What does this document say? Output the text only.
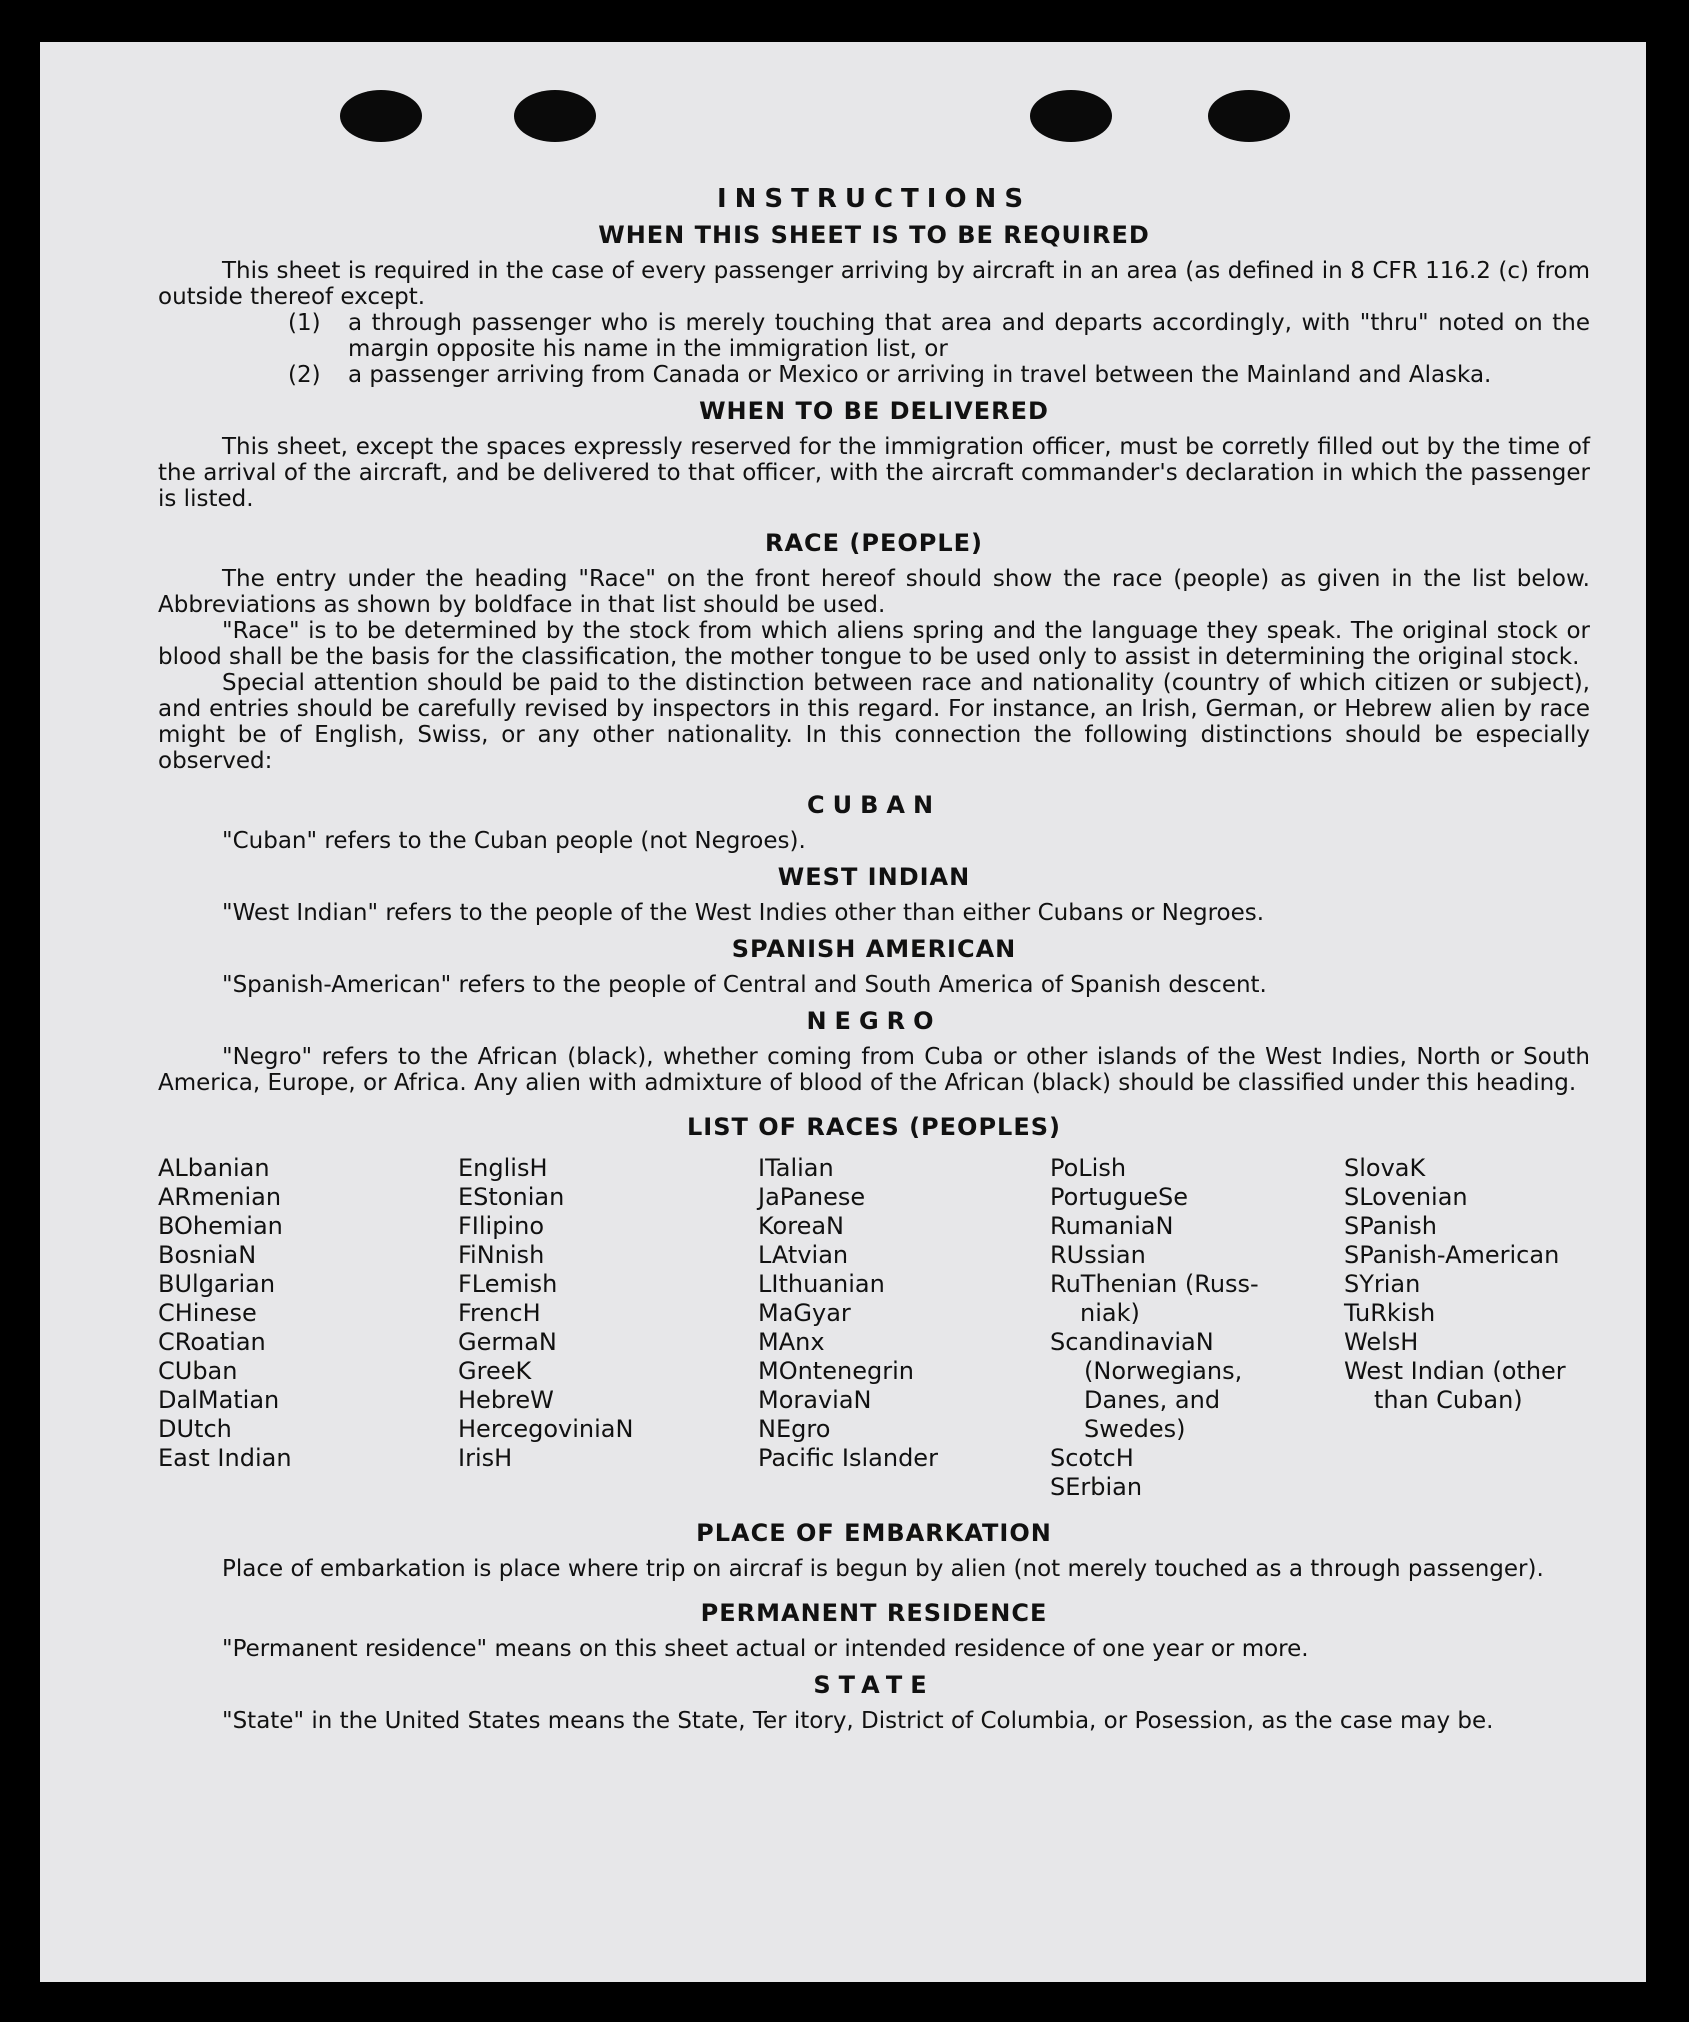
INSTRUCTIONS
WHEN THIS SHEET IS TO BE REQUIRED

This sheet is required in the case of every passenger arriving by aircraft in an area (as defined in 8 CFR 116.2 (c) from outside thereof except.

(1)	a through passenger who is merely touching that area and departs accordingly, with "thru" noted on the margin opposite his name in the immigration list, or
(2)	a passenger arriving from Canada or Mexico or arriving in travel between the Mainland and Alaska.
WHEN TO BE DELIVERED

This sheet, except the spaces expressly reserved for the immigration officer, must be corretly filled out by the time of the arrival of the aircraft, and be delivered to that officer, with the aircraft commander's declaration in which the passenger is listed.

RACE (PEOPLE)

The entry under the heading "Race" on the front hereof should show the race (people) as given in the list below. Abbreviations as shown by boldface in that list should be used.

"Race" is to be determined by the stock from which aliens spring and the language they speak. The original stock or blood shall be the basis for the classification, the mother tongue to be used only to assist in determining the original stock.

Special attention should be paid to the distinction between race and nationality (country of which citizen or subject), and entries should be carefully revised by inspectors in this regard. For instance, an Irish, German, or Hebrew alien by race might be of English, Swiss, or any other nationality. In this connection the following distinctions should be especially observed:

CUBAN

"Cuban" refers to the Cuban people (not Negroes).

WEST INDIAN

"West Indian" refers to the people of the West Indies other than either Cubans or Negroes.

SPANISH AMERICAN

"Spanish-American" refers to the people of Central and South America of Spanish descent.

NEGRO

"Negro" refers to the African (black), whether coming from Cuba or other islands of the West Indies, North or South America, Europe, or Africa. Any alien with admixture of blood of the African (black) should be classified under this heading.

LIST OF RACES (PEOPLES)
ALbanian
ARmenian
BOhemian
BosniaN
BUlgarian
CHinese
CRoatian
CUban
DalMatian
DUtch
East Indian
EnglisH
EStonian
FIlipino
FiNnish
FLemish
FrencH
GermaN
GreeK
HebreW
HercegoviniaN
IrisH
ITalian
JaPanese
KoreaN
LAtvian
LIthuanian
MaGyar
MAnx
MOntenegrin
MoraviaN
NEgro
Pacific Islander
PoLish
PortugueSe
RumaniaN
RUssian
RuThenian (Russ-
niak)
ScandinaviaN
(Norwegians,
Danes, and
Swedes)
ScotcH
SErbian
SlovaK
SLovenian
SPanish
SPanish-American
SYrian
TuRkish
WelsH
West Indian (other
than Cuban)
PLACE OF EMBARKATION

Place of embarkation is place where trip on aircraf is begun by alien (not merely touched as a through passenger).

PERMANENT RESIDENCE

"Permanent residence" means on this sheet actual or intended residence of one year or more.

STATE

"State" in the United States means the State, Ter itory, District of Columbia, or Posession, as the case may be.
